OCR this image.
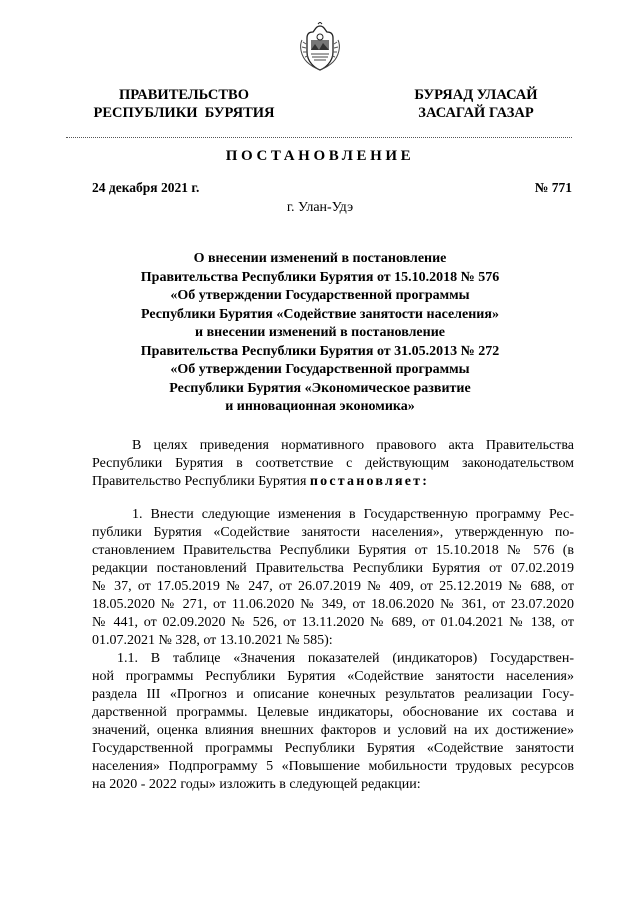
ПРАВИТЕЛЬСТВО
РЕСПУБЛИКИ  БУРЯТИЯ
БУРЯАД УЛАСАЙ
ЗАСАГАЙ ГАЗАР
ПОСТАНОВЛЕНИЕ
24 декабря 2021 г.	№ 771
г. Улан-Удэ
О внесении изменений в постановление
Правительства Республики Бурятия от 15.10.2018 № 576
«Об утверждении Государственной программы
Республики Бурятия «Содействие занятости населения»
и внесении изменений в постановление
Правительства Республики Бурятия от 31.05.2013 № 272
«Об утверждении Государственной программы
Республики Бурятия «Экономическое развитие
и инновационная экономика»
В целях приведения нормативного правового акта Правительства
Республики Бурятия в соответствие с действующим законодательством
Правительство Республики Бурятия постановляет:
1. Внести следующие изменения в Государственную программу Рес-
публики Бурятия «Содействие занятости населения», утвержденную по-
становлением Правительства Республики Бурятия от 15.10.2018 № 576 (в
редакции постановлений Правительства Республики Бурятия от 07.02.2019
№ 37, от 17.05.2019 № 247, от 26.07.2019 № 409, от 25.12.2019 № 688, от
18.05.2020 № 271, от 11.06.2020 № 349, от 18.06.2020 № 361, от 23.07.2020
№ 441, от 02.09.2020 № 526, от 13.11.2020 № 689, от 01.04.2021 № 138, от
01.07.2021 № 328, от 13.10.2021 № 585):
1.1. В таблице «Значения показателей (индикаторов) Государствен-
ной программы Республики Бурятия «Содействие занятости населения»
раздела III «Прогноз и описание конечных результатов реализации Госу-
дарственной программы. Целевые индикаторы, обоснование их состава и
значений, оценка влияния внешних факторов и условий на их достижение»
Государственной программы Республики Бурятия «Содействие занятости
населения» Подпрограмму 5 «Повышение мобильности трудовых ресурсов
на 2020 - 2022 годы» изложить в следующей редакции:
